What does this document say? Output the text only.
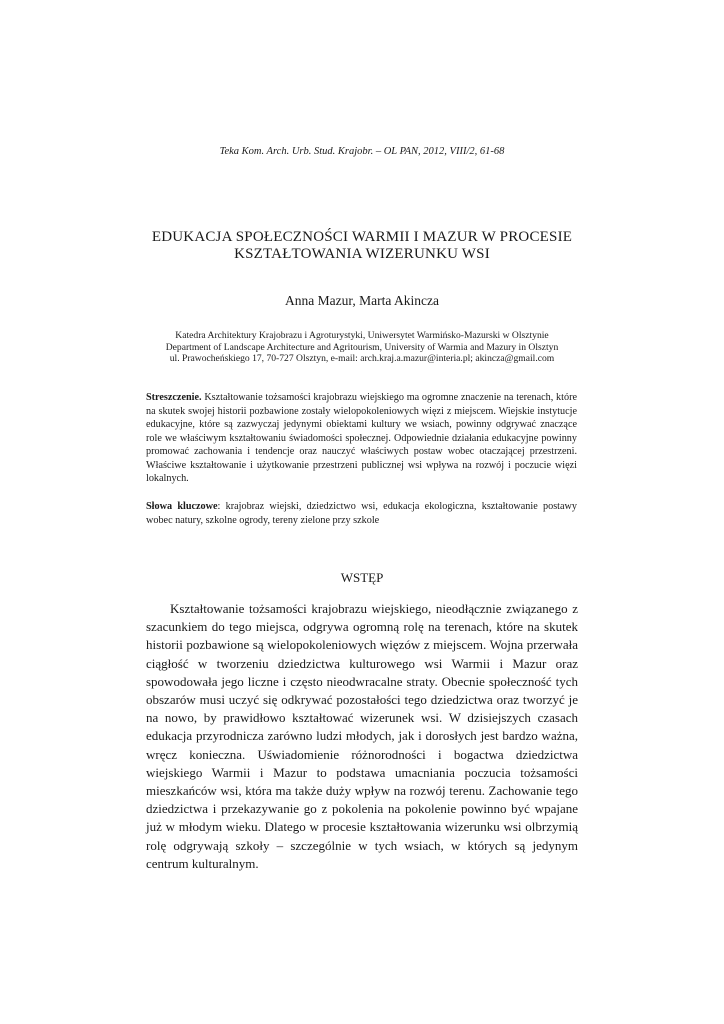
Teka Kom. Arch. Urb. Stud. Krajobr. – OL PAN, 2012, VIII/2, 61-68
EDUKACJA SPOŁECZNOŚCI WARMII I MAZUR W PROCESIE
KSZTAŁTOWANIA WIZERUNKU WSI
Anna Mazur, Marta Akincza
Katedra Architektury Krajobrazu i Agroturystyki, Uniwersytet Warmińsko-Mazurski w Olsztynie
Department of Landscape Architecture and Agritourism, University of Warmia and Mazury in Olsztyn
ul. Prawocheńskiego 17, 70-727 Olsztyn, e-mail: arch.kraj.a.mazur@interia.pl; akincza@gmail.com
Streszczenie. Kształtowanie tożsamości krajobrazu wiejskiego ma ogromne znaczenie na terenach, które na skutek swojej historii pozbawione zostały wielopokoleniowych więzi z miejscem. Wiejskie instytucje edukacyjne, które są zazwyczaj jedynymi obiektami kultury we wsiach, powinny odgrywać znaczące role we właściwym kształtowaniu świadomości społecznej. Odpowiednie działania edukacyjne powinny promować zachowania i tendencje oraz nauczyć właściwych postaw wobec otaczającej przestrzeni. Właściwe kształtowanie i użytkowanie przestrzeni publicznej wsi wpływa na rozwój i poczucie więzi lokalnych.
Słowa kluczowe: krajobraz wiejski, dziedzictwo wsi, edukacja ekologiczna, kształtowanie postawy wobec natury, szkolne ogrody, tereny zielone przy szkole
WSTĘP

Kształtowanie tożsamości krajobrazu wiejskiego, nieodłącznie związanego z szacunkiem do tego miejsca, odgrywa ogromną rolę na terenach, które na skutek historii pozbawione są wielopokoleniowych więzów z miejscem. Wojna przerwała ciągłość w tworzeniu dziedzictwa kulturowego wsi Warmii i Mazur oraz spowodowała jego liczne i często nieodwracalne straty. Obecnie społeczność tych obszarów musi uczyć się odkrywać pozostałości tego dziedzictwa oraz tworzyć je na nowo, by prawidłowo kształtować wizerunek wsi. W dzisiejszych czasach edukacja przyrodnicza zarówno ludzi młodych, jak i dorosłych jest bardzo ważna, wręcz konieczna. Uświadomienie różnorodności i bogactwa dziedzictwa wiejskiego Warmii i Mazur to podstawa umacniania poczucia tożsamości mieszkańców wsi, która ma także duży wpływ na rozwój terenu. Zachowanie tego dziedzictwa i przekazywanie go z pokolenia na pokolenie powinno być wpajane już w młodym wieku. Dlatego w procesie kształtowania wizerunku wsi olbrzymią rolę odgrywają szkoły – szczególnie w tych wsiach, w których są jedynym centrum kulturalnym.
